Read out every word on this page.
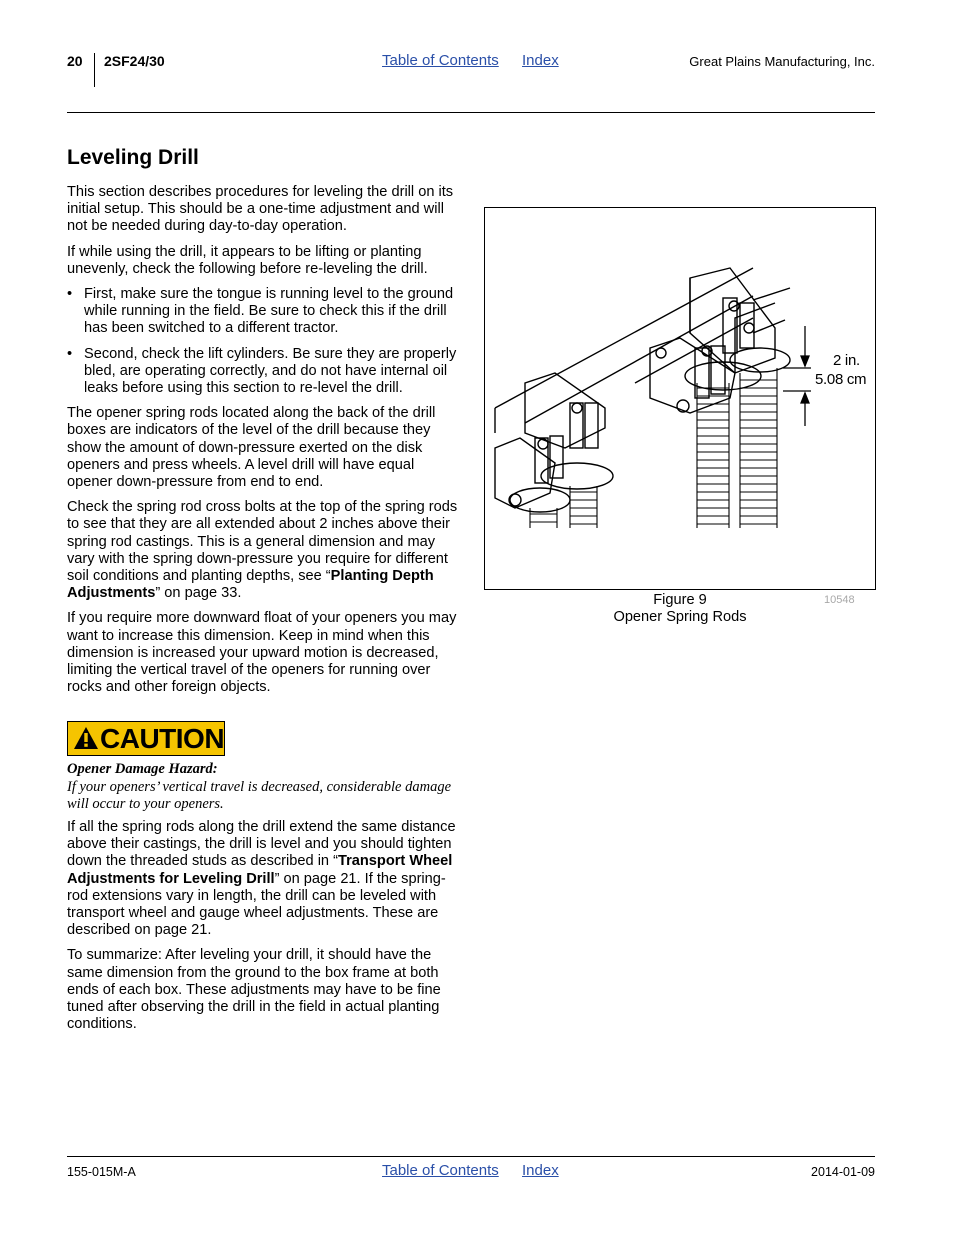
20 2SF24/30	Table of Contents Index	Great Plains Manufacturing, Inc.
Leveling Drill

This section describes procedures for leveling the drill on its initial setup. This should be a one-time adjustment and will not be needed during day-to-day operation.

If while using the drill, it appears to be lifting or planting unevenly, check the following before re-leveling the drill.

• First, make sure the tongue is running level to the ground while running in the field. Be sure to check this if the drill has been switched to a different tractor.
• Second, check the lift cylinders. Be sure they are properly bled, are operating correctly, and do not have internal oil leaks before using this section to re-level the drill.

The opener spring rods located along the back of the drill boxes are indicators of the level of the drill because they show the amount of down-pressure exerted on the disk openers and press wheels. A level drill will have equal opener down-pressure from end to end.

Check the spring rod cross bolts at the top of the spring rods to see that they are all extended about 2 inches above their spring rod castings. This is a general dimension and may vary with the spring down-pressure you require for different soil conditions and planting depths, see “Planting Depth Adjustments” on page 33.

If you require more downward float of your openers you may want to increase this dimension. Keep in mind when this dimension is increased your upward motion is decreased, limiting the vertical travel of the openers for running over rocks and other foreign objects.

CAUTION
Opener Damage Hazard:
If your openers’ vertical travel is decreased, considerable damage will occur to your openers.

If all the spring rods along the drill extend the same distance above their castings, the drill is level and you should tighten down the threaded studs as described in “Transport Wheel Adjustments for Leveling Drill” on page 21. If the spring-rod extensions vary in length, the drill can be leveled with transport wheel and gauge wheel adjustments. These are described on page 21.

To summarize: After leveling your drill, it should have the same dimension from the ground to the box frame at both ends of each box. These adjustments may have to be fine tuned after observing the drill in the field in actual planting conditions.

2 in.
5.08 cm
Figure 9
Opener Spring Rods
10548
155-015M-A	Table of Contents Index	2014-01-09
